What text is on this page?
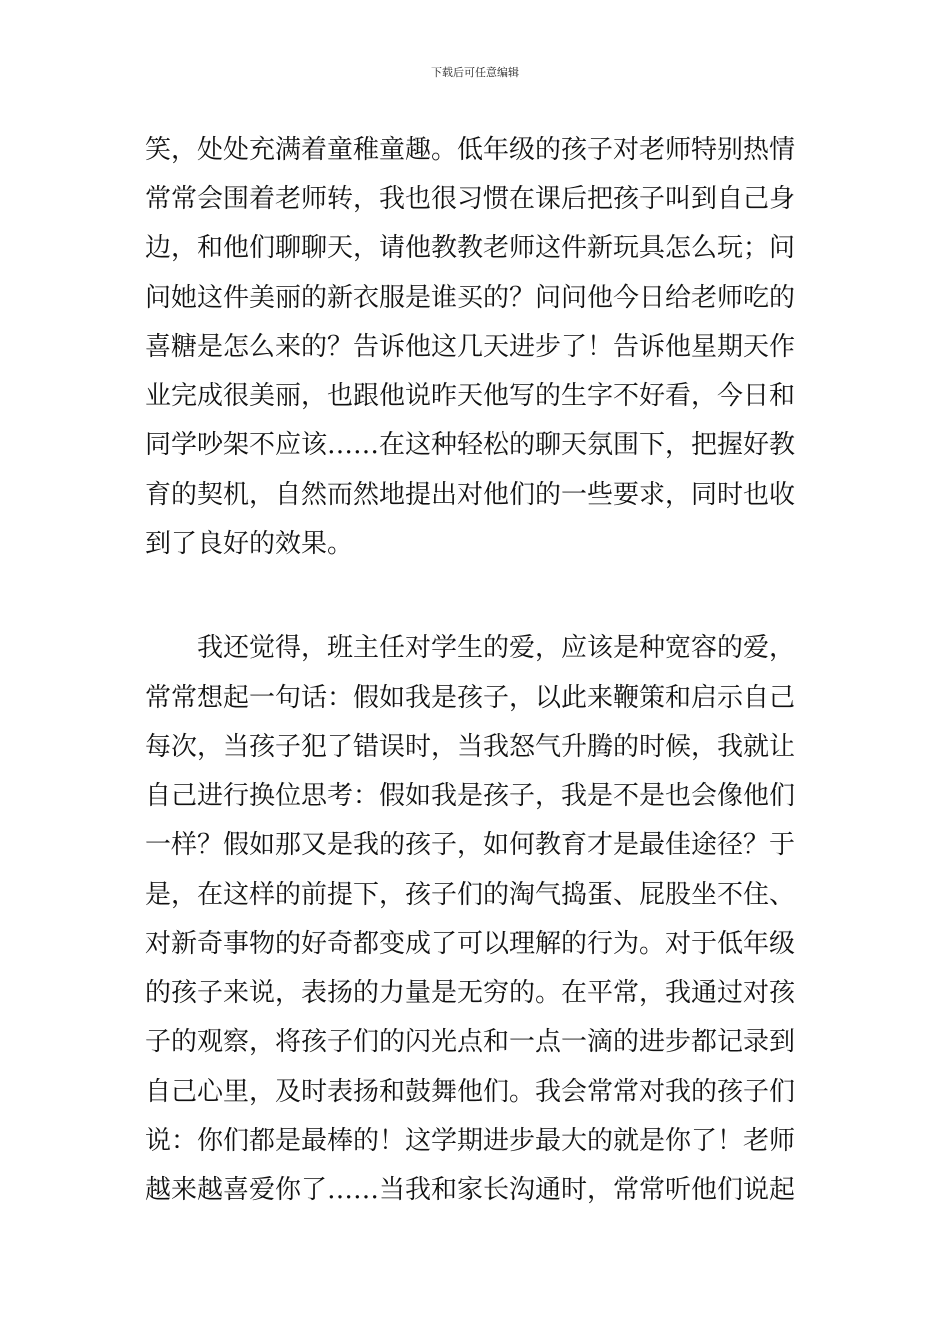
下载后可任意编辑
笑，处处充满着童稚童趣。低年级的孩子对老师特别热情
常常会围着老师转，我也很习惯在课后把孩子叫到自己身
边，和他们聊聊天，请他教教老师这件新玩具怎么玩；问
问她这件美丽的新衣服是谁买的？问问他今日给老师吃的
喜糖是怎么来的？告诉他这几天进步了！告诉他星期天作
业完成很美丽，也跟他说昨天他写的生字不好看，今日和
同学吵架不应该……在这种轻松的聊天氛围下，把握好教
育的契机，自然而然地提出对他们的一些要求，同时也收
到了良好的效果。
我还觉得，班主任对学生的爱，应该是种宽容的爱，
常常想起一句话：假如我是孩子，以此来鞭策和启示自己
每次，当孩子犯了错误时，当我怒气升腾的时候，我就让
自己进行换位思考：假如我是孩子，我是不是也会像他们
一样？假如那又是我的孩子，如何教育才是最佳途径？于
是，在这样的前提下，孩子们的淘气捣蛋、屁股坐不住、
对新奇事物的好奇都变成了可以理解的行为。对于低年级
的孩子来说，表扬的力量是无穷的。在平常，我通过对孩
子的观察，将孩子们的闪光点和一点一滴的进步都记录到
自己心里，及时表扬和鼓舞他们。我会常常对我的孩子们
说：你们都是最棒的！这学期进步最大的就是你了！老师
越来越喜爱你了……当我和家长沟通时，常常听他们说起
